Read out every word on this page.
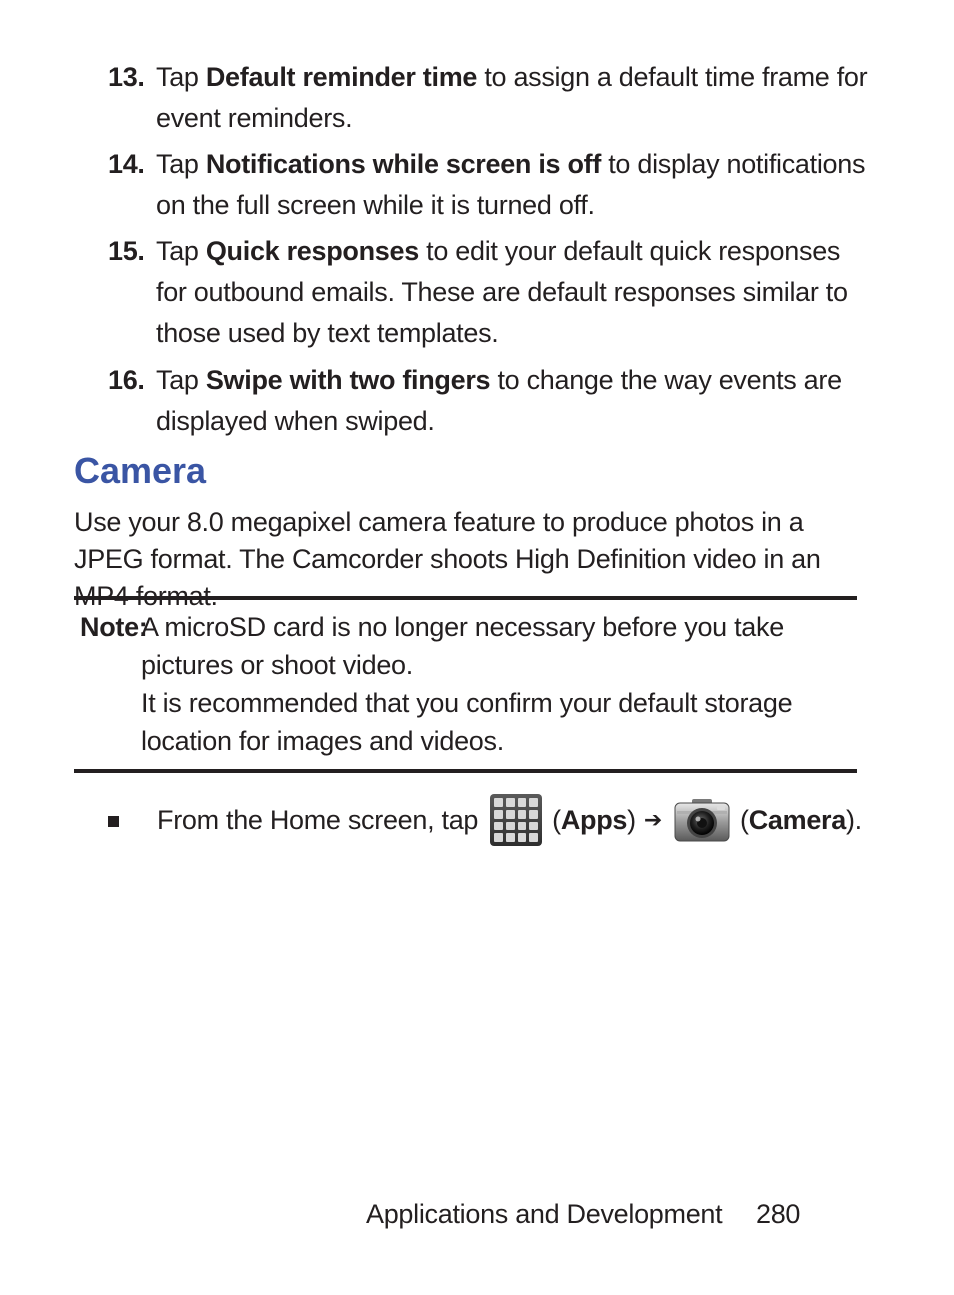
13. Tap Default reminder time to assign a default time frame for event reminders.
14. Tap Notifications while screen is off to display notifications on the full screen while it is turned off.
15. Tap Quick responses to edit your default quick responses for outbound emails. These are default responses similar to those used by text templates.
16. Tap Swipe with two fingers to change the way events are displayed when swiped.
Camera
Use your 8.0 megapixel camera feature to produce photos in a JPEG format. The Camcorder shoots High Definition video in an
Note:
A microSD card is no longer necessary before you take pictures or shoot video.
It is recommended that you confirm your default storage location for images and videos.
From the Home screen, tap	( Apps ) ➔	( Camera ).
Applications and Development 280
